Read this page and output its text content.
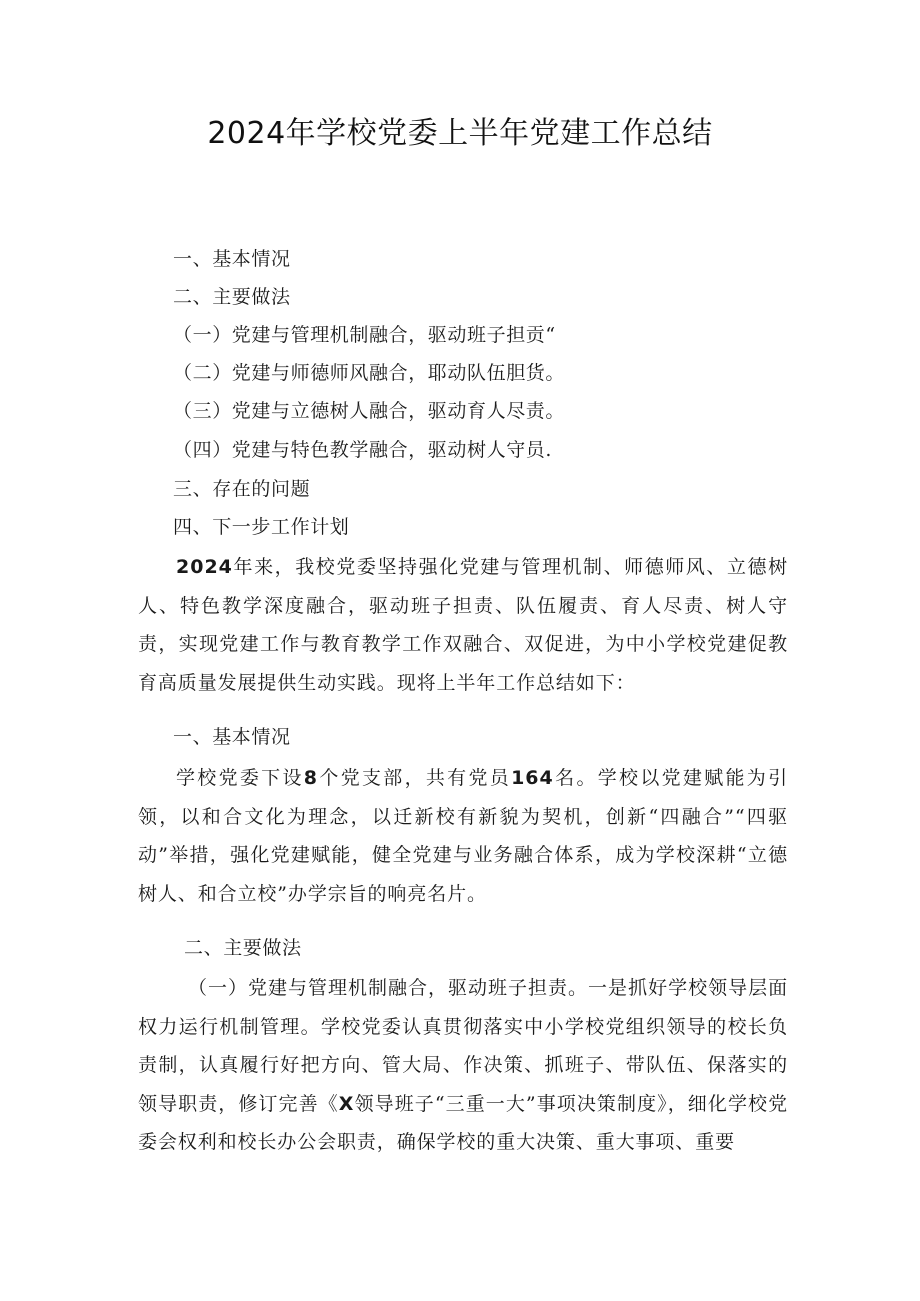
2024年学校党委上半年党建工作总结
一、基本情况
二、主要做法
（一）党建与管理机制融合，驱动班子担贡“
（二）党建与师德师风融合，耶动队伍胆货。
（三）党建与立德树人融合，驱动育人尽责。
（四）党建与特色教学融合，驱动树人守员.
三、存在的问题
四、下一步工作计划
2024年来，我校党委坚持强化党建与管理机制、师德师风、立德树人、特色教学深度融合，驱动班子担责、队伍履责、育人尽责、树人守责，实现党建工作与教育教学工作双融合、双促进，为中小学校党建促教育高质量发展提供生动实践。现将上半年工作总结如下：
一、基本情况
学校党委下设8个党支部，共有党员164名。学校以党建赋能为引领，以和合文化为理念，以迁新校有新貌为契机，创新“四融合”“四驱动”举措，强化党建赋能，健全党建与业务融合体系，成为学校深耕“立德树人、和合立校”办学宗旨的响亮名片。
二、主要做法
（一）党建与管理机制融合，驱动班子担责。一是抓好学校领导层面权力运行机制管理。学校党委认真贯彻落实中小学校党组织领导的校长负责制，认真履行好把方向、管大局、作决策、抓班子、带队伍、保落实的领导职责，修订完善《X领导班子“三重一大”事项决策制度》，细化学校党委会权利和校长办公会职责，确保学校的重大决策、重大事项、重要
